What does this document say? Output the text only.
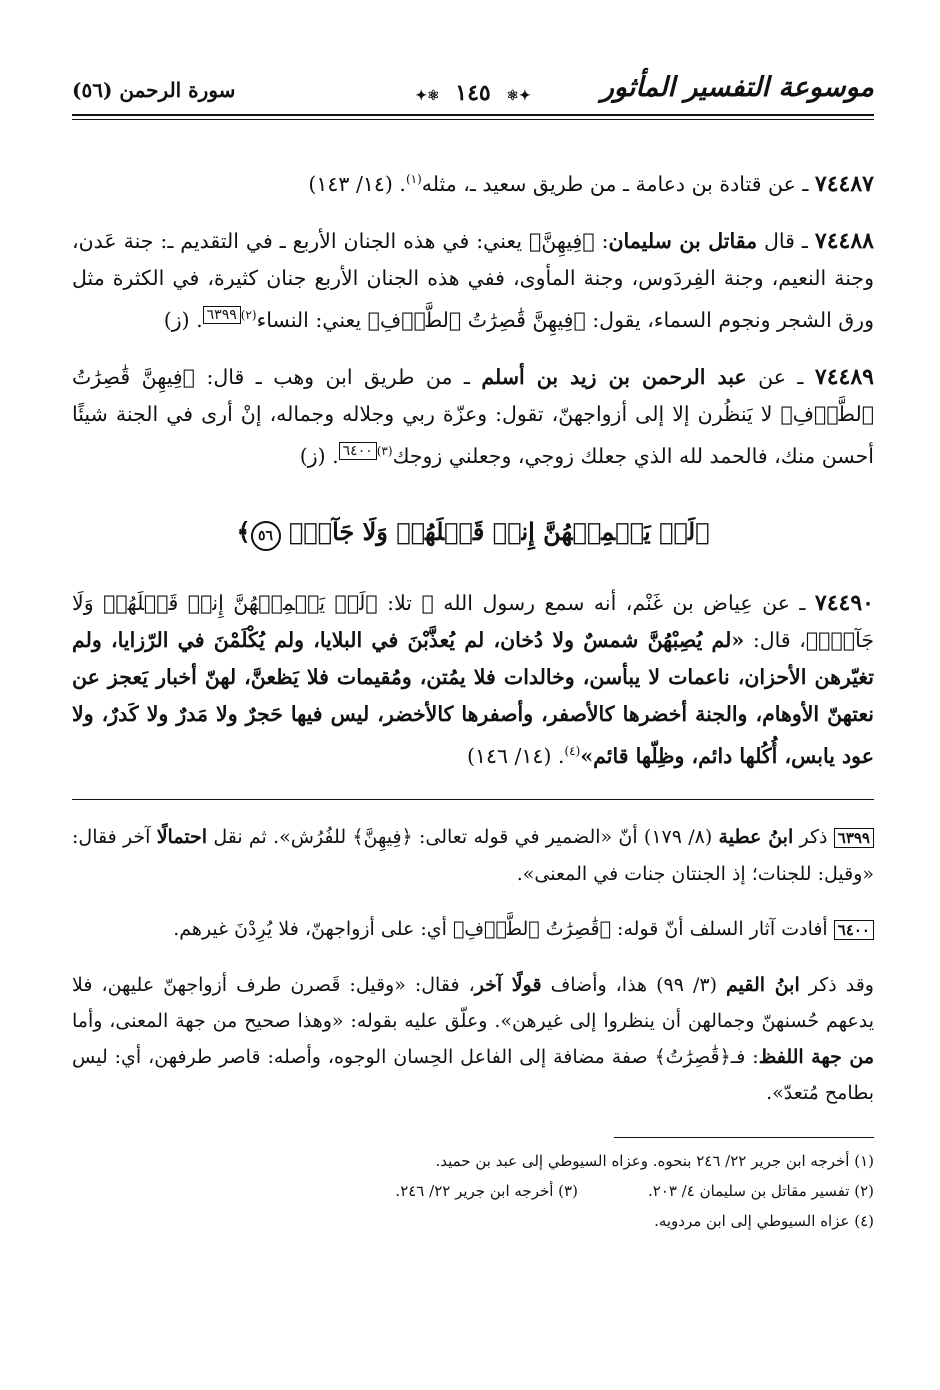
موسوعة التفسير المأثور
✦⚛ ١٤٥ ⚛✦
سورة الرحمن (٥٦)

٧٤٤٨٧ ـ عن قتادة بن دعامة ـ من طريق سعيد ـ، مثله$^{(١)}$. (١٤/ ١٤٣)

٧٤٤٨٨ ـ قال مقاتل بن سليمان: ﴿فِيهِنَّ﴾ يعني: في هذه الجنان الأربع ـ في التقديم ـ: جنة عَدن، وجنة النعيم، وجنة الفِردَوس، وجنة المأوى، ففي هذه الجنان الأربع جنان كثيرة، في الكثرة مثل ورق الشجر ونجوم السماء، يقول: ﴿فِيهِنَّ قَٰصِرَٰتُ ٱلطَّرۡفِ﴾ يعني: النساء$^{(٢)٦٣٩٩}$. (ز)

٧٤٤٨٩ ـ عن عبد الرحمن بن زيد بن أسلم ـ من طريق ابن وهب ـ قال: ﴿فِيهِنَّ قَٰصِرَٰتُ ٱلطَّرۡفِ﴾ لا يَنظُرن إلا إلى أزواجهنّ، تقول: وعزّة ربي وجلاله وجماله، إنْ أرى في الجنة شيئًا أحسن منك، فالحمد لله الذي جعلك زوجي، وجعلني زوجك$^{(٣)٦٤٠٠}$. (ز)

﴿لَمۡ يَطۡمِثۡهُنَّ إِنسٞ قَبۡلَهُمۡ وَلَا جَآنّٞ ٥٦﴾

٧٤٤٩٠ ـ عن عِياض بن غَنْم، أنه سمع رسول الله ﷺ تلا: ﴿لَمۡ يَطۡمِثۡهُنَّ إِنسٞ قَبۡلَهُمۡ وَلَا جَآنّٞ﴾، قال: «لم يُصِبْهُنَّ شمسٌ ولا دُخان، لم يُعذَّبْنَ في البلايا، ولم يُكْلَمْنَ في الرّزايا، ولم تغيّرهن الأحزان، ناعمات لا يبأسن، وخالدات فلا يمُتن، ومُقيمات فلا يَظعنَّ، لهنّ أخبار يَعجز عن نعتهنّ الأوهام، والجنة أخضرها كالأصفر، وأصفرها كالأخضر، ليس فيها حَجرٌ ولا مَدرٌ ولا كَدرٌ، ولا عود يابس، أُكُلها دائم، وظِلّها قائم»$^{(٤)}$. (١٤/ ١٤٦)

٦٣٩٩ ذكر ابنُ عطية (٨/ ١٧٩) أنّ «الضمير في قوله تعالى: ﴿فِيهِنَّ﴾ للفُرُش». ثم نقل احتمالًا آخر فقال: «وقيل: للجنات؛ إذ الجنتان جنات في المعنى».

٦٤٠٠ أفادت آثار السلف أنّ قوله: ﴿قَٰصِرَٰتُ ٱلطَّرۡفِ﴾ أي: على أزواجهنّ، فلا يُرِدْنَ غيرهم.

وقد ذكر ابنُ القيم (٣/ ٩٩) هذا، وأضاف قولًا آخر، فقال: «وقيل: قَصرن طرف أزواجهنّ عليهن، فلا يدعهم حُسنهنّ وجمالهن أن ينظروا إلى غيرهن». وعلّق عليه بقوله: «وهذا صحيح من جهة المعنى، وأما من جهة اللفظ: فـ﴿قَٰصِرَٰتُ﴾ صفة مضافة إلى الفاعل الحِسان الوجوه، وأصله: قاصر طرفهن، أي: ليس بطامح مُتعدّ».

(١) أخرجه ابن جرير ٢٢/ ٢٤٦ بنحوه. وعزاه السيوطي إلى عبد بن حميد.
(٢) تفسير مقاتل بن سليمان ٤/ ٢٠٣.
(٣) أخرجه ابن جرير ٢٢/ ٢٤٦.
(٤) عزاه السيوطي إلى ابن مردويه.
